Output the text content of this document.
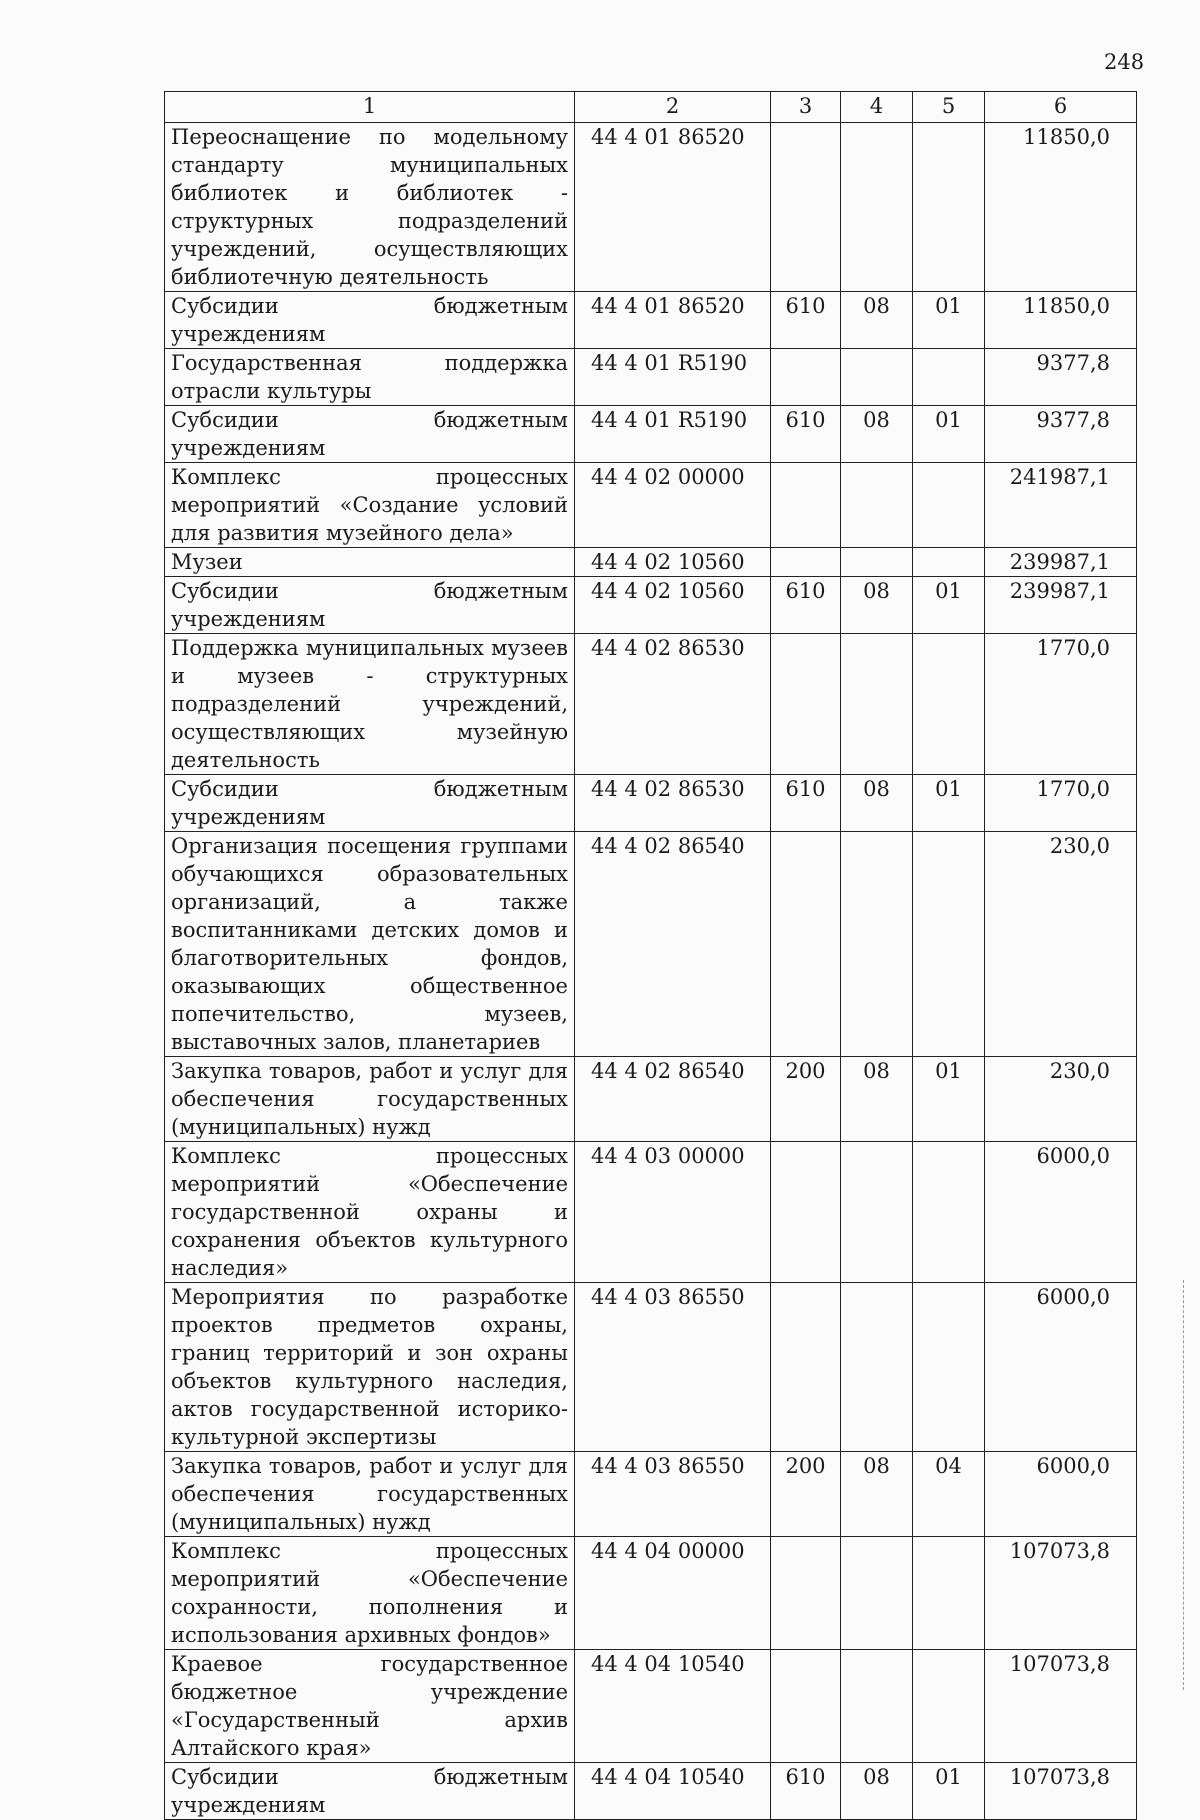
248
1	2	3	4	5	6
Переоснащение по модельному стандарту муниципальных библиотек и библиотек - структурных подразделений учреждений, осуществляющих библиотечную деятельность	44 4 01 86520				11850,0
Субсидии бюджетным учреждениям	44 4 01 86520	610	08	01	11850,0
Государственная поддержка отрасли культуры	44 4 01 R5190				9377,8
Субсидии бюджетным учреждениям	44 4 01 R5190	610	08	01	9377,8
Комплекс процессных мероприятий «Создание условий для развития музейного дела»	44 4 02 00000				241987,1
Музеи	44 4 02 10560				239987,1
Субсидии бюджетным учреждениям	44 4 02 10560	610	08	01	239987,1
Поддержка муниципальных музеев и музеев - структурных подразделений учреждений, осуществляющих музейную деятельность	44 4 02 86530				1770,0
Субсидии бюджетным учреждениям	44 4 02 86530	610	08	01	1770,0
Организация посещения группами обучающихся образовательных организаций, а также воспитанниками детских домов и благотворительных фондов, оказывающих общественное попечительство, музеев, выставочных залов, планетариев	44 4 02 86540				230,0
Закупка товаров, работ и услуг для обеспечения государственных (муниципальных) нужд	44 4 02 86540	200	08	01	230,0
Комплекс процессных мероприятий «Обеспечение государственной охраны и сохранения объектов культурного наследия»	44 4 03 00000				6000,0
Мероприятия по разработке проектов предметов охраны, границ территорий и зон охраны объектов культурного наследия, актов государственной историко-культурной экспертизы	44 4 03 86550				6000,0
Закупка товаров, работ и услуг для обеспечения государственных (муниципальных) нужд	44 4 03 86550	200	08	04	6000,0
Комплекс процессных мероприятий «Обеспечение сохранности, пополнения и использования архивных фондов»	44 4 04 00000				107073,8
Краевое государственное бюджетное учреждение «Государственный архив Алтайского края»	44 4 04 10540				107073,8
Субсидии бюджетным учреждениям	44 4 04 10540	610	08	01	107073,8
